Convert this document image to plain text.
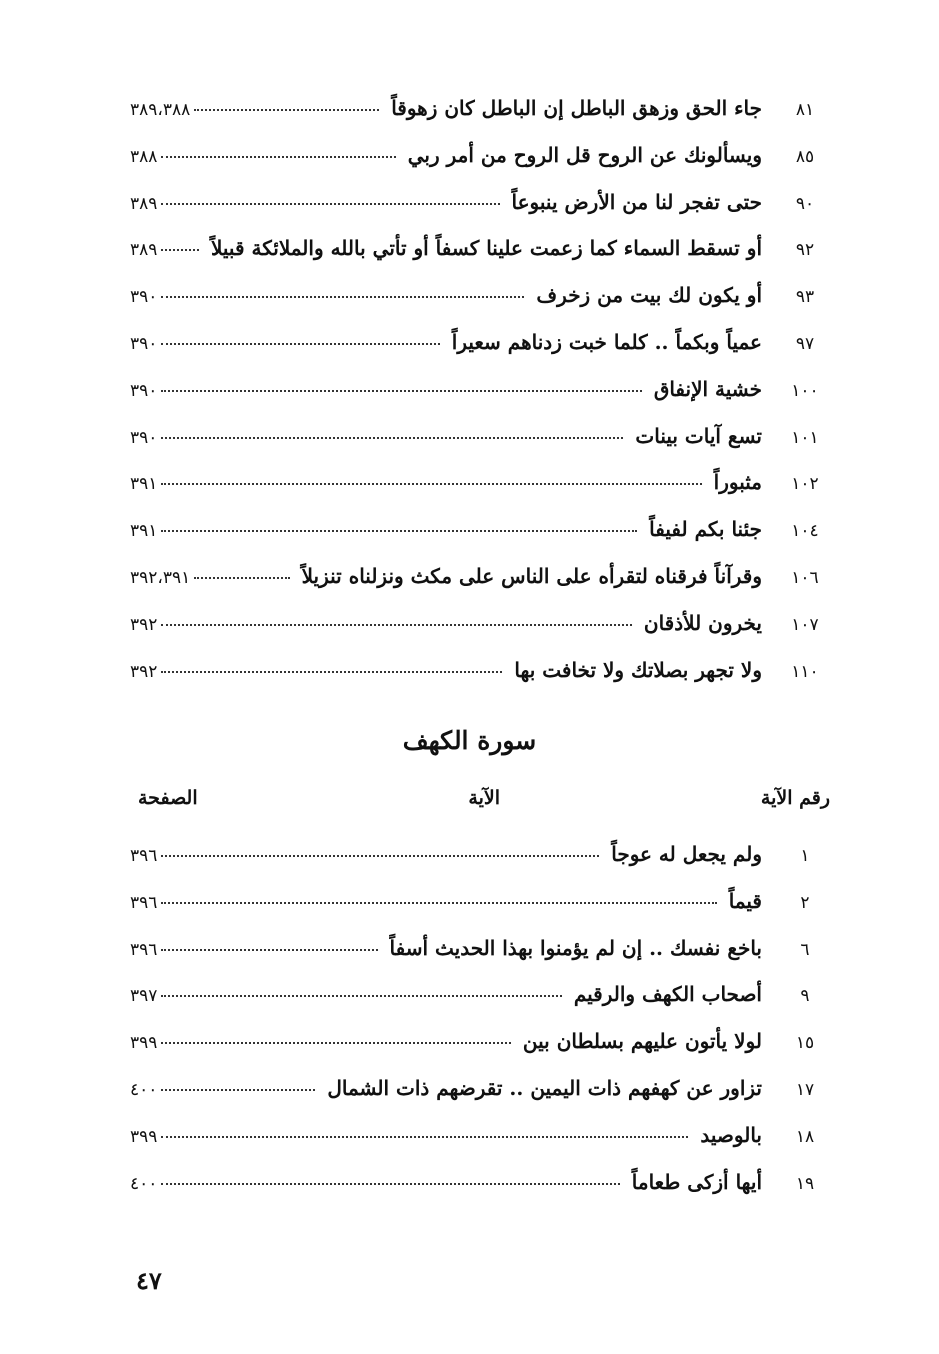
٨١
جاء الحق وزهق الباطل إن الباطل كان زهوقاً
٣٨٩،٣٨٨
٨٥
ويسألونك عن الروح قل الروح من أمر ربي
٣٨٨
٩٠
حتى تفجر لنا من الأرض ينبوعاً
٣٨٩
٩٢
أو تسقط السماء كما زعمت علينا كسفاً أو تأتي بالله والملائكة قبيلاً
٣٨٩
٩٣
أو يكون لك بيت من زخرف
٣٩٠
٩٧
عمياً وبكماً .. كلما خبت زدناهم سعيراً
٣٩٠
١٠٠
خشية الإنفاق
٣٩٠
١٠١
تسع آيات بينات
٣٩٠
١٠٢
مثبوراً
٣٩١
١٠٤
جئنا بكم لفيفاً
٣٩١
١٠٦
وقرآناً فرقناه لتقرأه على الناس على مكث ونزلناه تنزيلاً
٣٩٢،٣٩١
١٠٧
يخرون للأذقان
٣٩٢
١١٠
ولا تجهر بصلاتك ولا تخافت بها
٣٩٢
سورة الكهف
رقم الآية
الآية
الصفحة
١
ولم يجعل له عوجاً
٣٩٦
٢
قيماً
٣٩٦
٦
باخع نفسك .. إن لم يؤمنوا بهذا الحديث أسفاً
٣٩٦
٩
أصحاب الكهف والرقيم
٣٩٧
١٥
لولا يأتون عليهم بسلطان بين
٣٩٩
١٧
تزاور عن كهفهم ذات اليمين .. تقرضهم ذات الشمال
٤٠٠
١٨
بالوصيد
٣٩٩
١٩
أيها أزكى طعاماً
٤٠٠
٤٧
